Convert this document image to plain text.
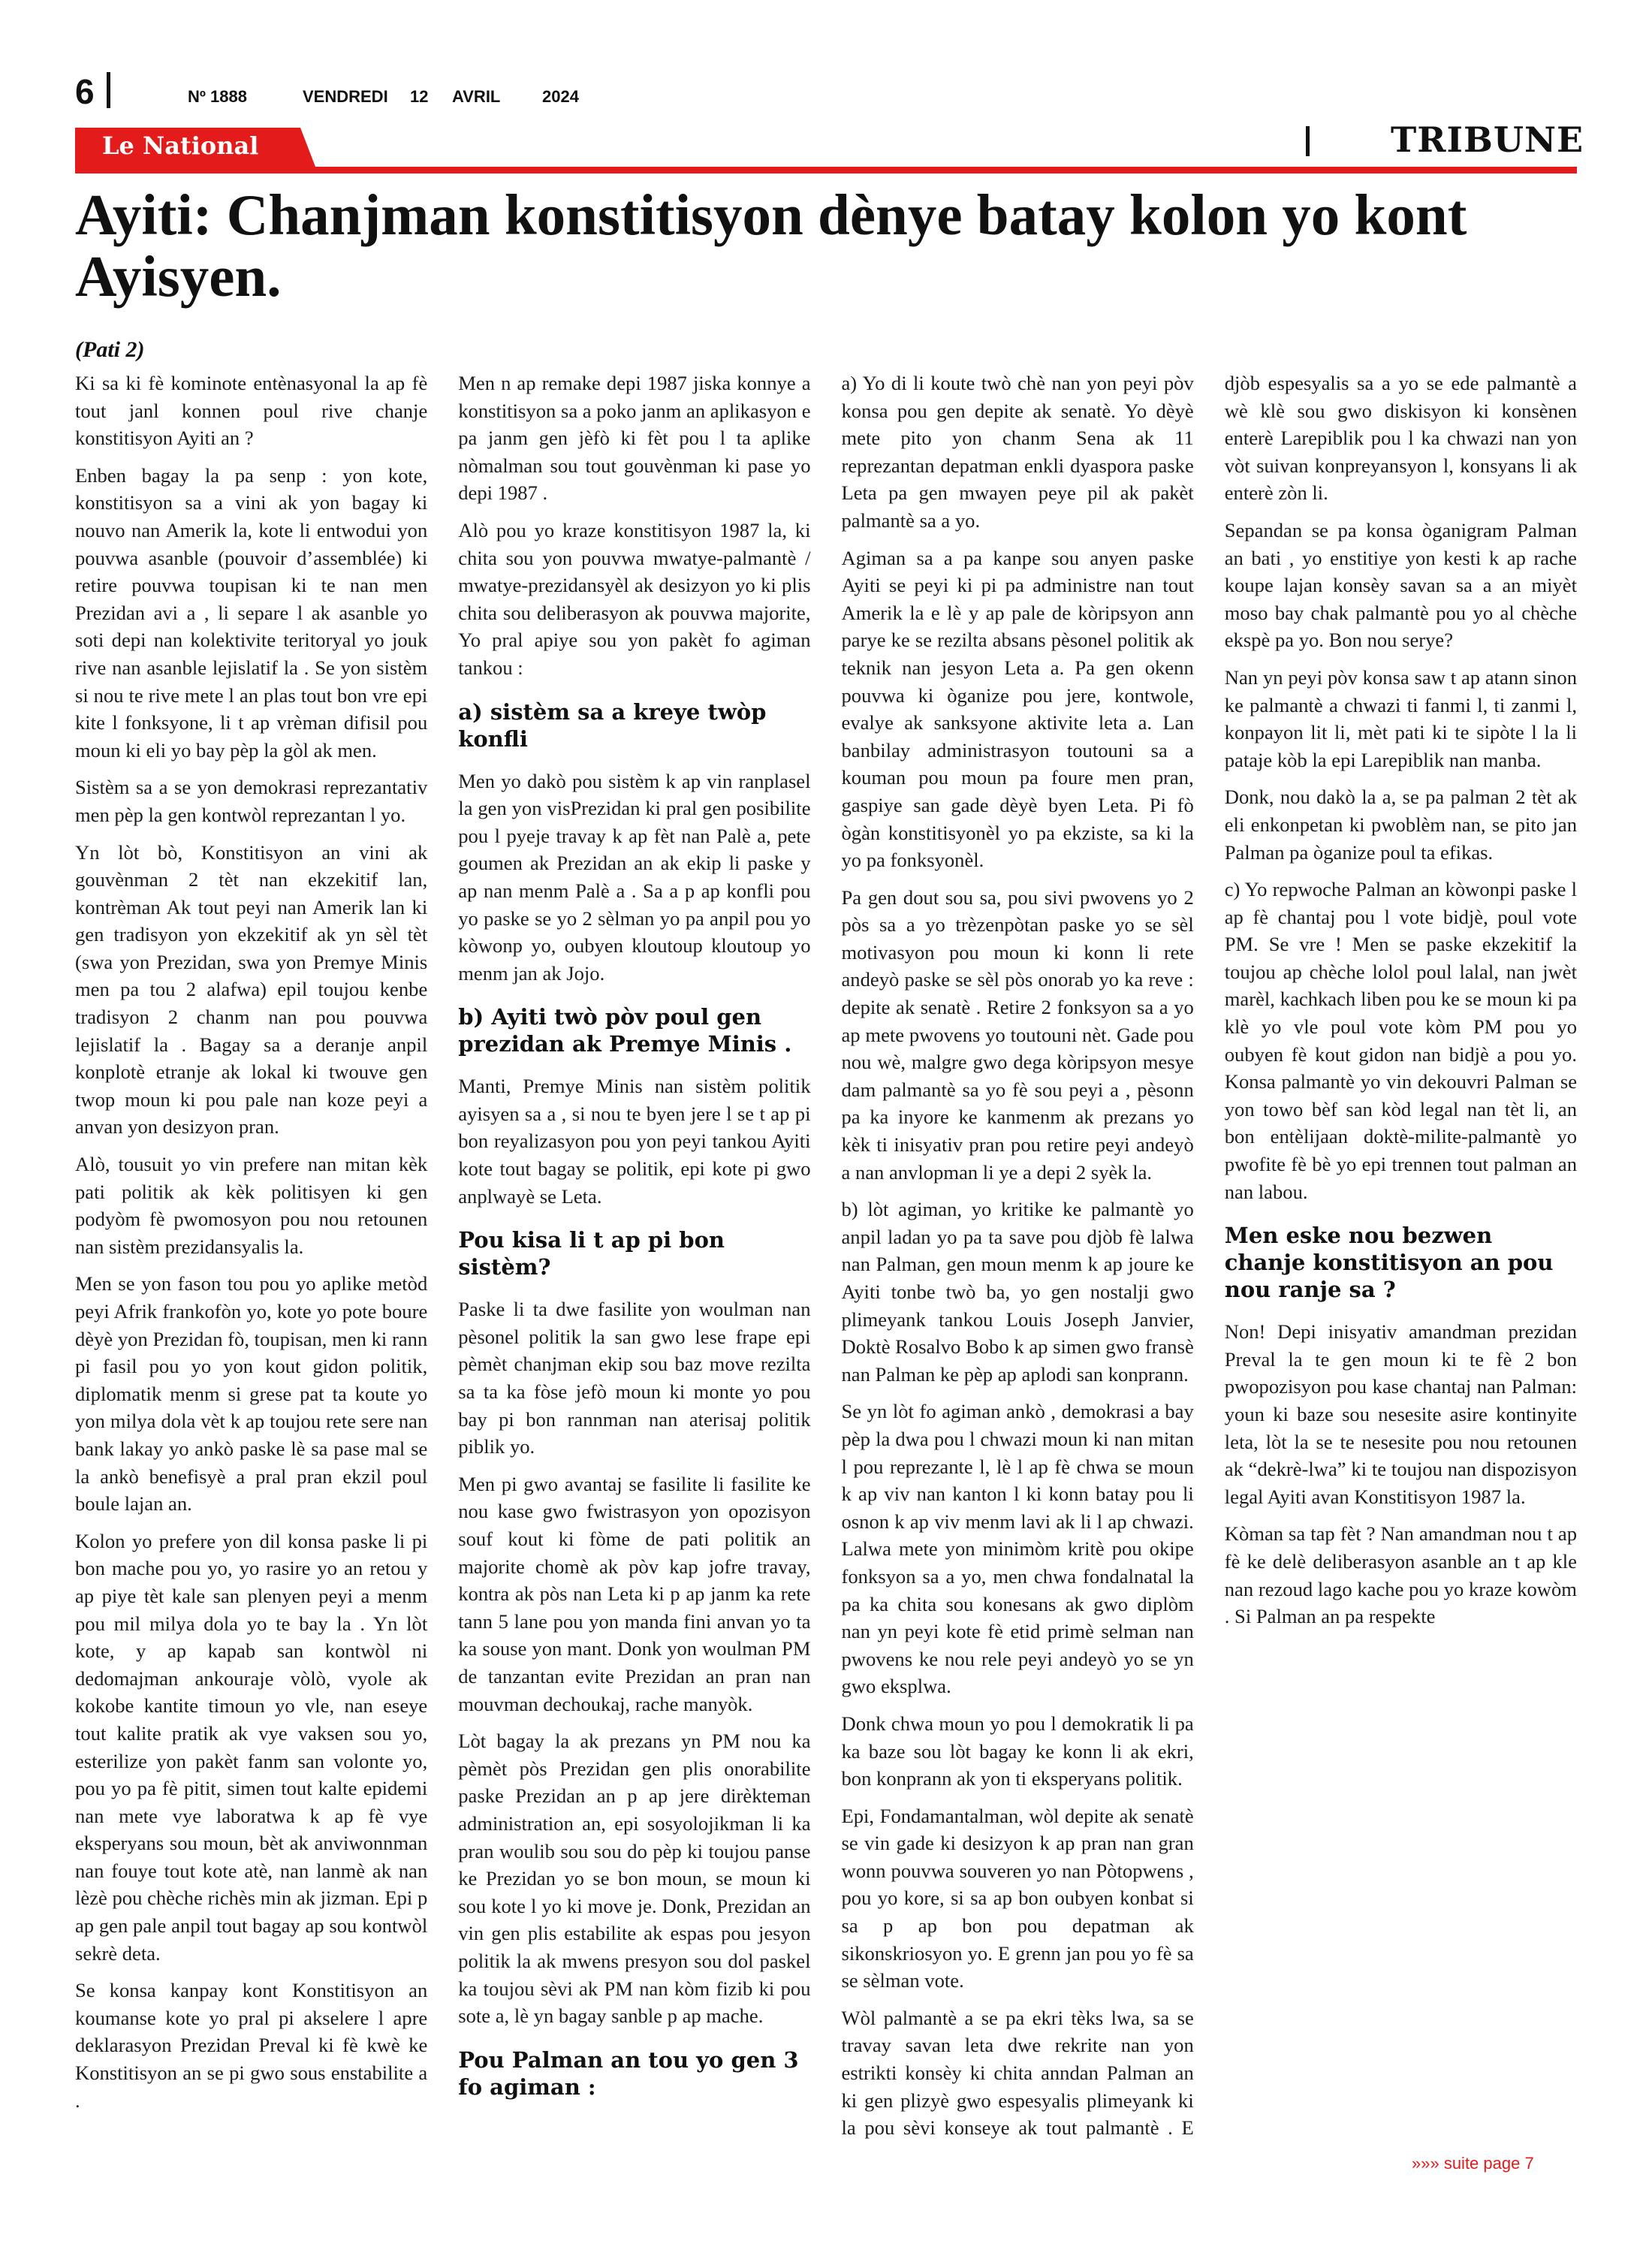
6	Nº 1888	VENDREDI 12 AVRIL	2024
Le National	TRIBUNE
Ayiti: Chanjman konstitisyon dènye batay kolon yo kont Ayisyen.
(Pati 2)

Ki sa ki fè kominote entènasyonal la ap fè tout janl konnen poul rive chanje konstitisyon Ayiti an ?

Enben bagay la pa senp : yon kote, konstitisyon sa a vini ak yon bagay ki nouvo nan Amerik la, kote li entwodui yon pouvwa asanble (pouvoir d’assemblée) ki retire pouvwa toupisan ki te nan men Prezidan avi a , li separe l ak asanble yo soti depi nan kolektivite teritoryal yo jouk rive nan asanble lejislatif la . Se yon sistèm si nou te rive mete l an plas tout bon vre epi kite l fonksyone, li t ap vrèman difisil pou moun ki eli yo bay pèp la gòl ak men.

Sistèm sa a se yon demokrasi reprezantativ men pèp la gen kontwòl reprezantan l yo.

Yn lòt bò, Konstitisyon an vini ak gouvènman 2 tèt nan ekzekitif lan, kontrèman Ak tout peyi nan Amerik lan ki gen tradisyon yon ekzekitif ak yn sèl tèt (swa yon Prezidan, swa yon Premye Minis men pa tou 2 alafwa) epil toujou kenbe tradisyon 2 chanm nan pou pouvwa lejislatif la . Bagay sa a deranje anpil konplotè etranje ak lokal ki twouve gen twop moun ki pou pale nan koze peyi a anvan yon desizyon pran.

Alò, tousuit yo vin prefere nan mitan kèk pati politik ak kèk politisyen ki gen podyòm fè pwomosyon pou nou retounen nan sistèm prezidansyalis la.

Men se yon fason tou pou yo aplike metòd peyi Afrik frankofòn yo, kote yo pote boure dèyè yon Prezidan fò, toupisan, men ki rann pi fasil pou yo yon kout gidon politik, diplomatik menm si grese pat ta koute yo yon milya dola vèt k ap toujou rete sere nan bank lakay yo ankò paske lè sa pase mal se la ankò benefisyè a pral pran ekzil poul boule lajan an.

Kolon yo prefere yon dil konsa paske li pi bon mache pou yo, yo rasire yo an retou y ap piye tèt kale san plenyen peyi a menm pou mil milya dola yo te bay la . Yn lòt kote, y ap kapab san kontwòl ni dedomajman ankouraje vòlò, vyole ak kokobe kantite timoun yo vle, nan eseye tout kalite pratik ak vye vaksen sou yo, esterilize yon pakèt fanm san volonte yo, pou yo pa fè pitit, simen tout kalte epidemi nan mete vye laboratwa k ap fè vye eksperyans sou moun, bèt ak anviwonnman nan fouye tout kote atè, nan lanmè ak nan lèzè pou chèche richès min ak jizman. Epi p ap gen pale anpil tout bagay ap sou kontwòl sekrè deta.

Se konsa kanpay kont Konstitisyon an koumanse kote yo pral pi akselere l apre deklarasyon Prezidan Preval ki fè kwè ke Konstitisyon an se pi gwo sous enstabilite a .

Men n ap remake depi 1987 jiska konnye a konstitisyon sa a poko janm an aplikasyon e pa janm gen jèfò ki fèt pou l ta aplike nòmalman sou tout gouvènman ki pase yo depi 1987 .

Alò pou yo kraze konstitisyon 1987 la, ki chita sou yon pouvwa mwatye-palmantè / mwatye-prezidansyèl ak desizyon yo ki plis chita sou deliberasyon ak pouvwa majorite, Yo pral apiye sou yon pakèt fo agiman tankou :

a) sistèm sa a kreye twòp konfli

Men yo dakò pou sistèm k ap vin ranplasel la gen yon visPrezidan ki pral gen posibilite pou l pyeje travay k ap fèt nan Palè a, pete goumen ak Prezidan an ak ekip li paske y ap nan menm Palè a . Sa a p ap konfli pou yo paske se yo 2 sèlman yo pa anpil pou yo kòwonp yo, oubyen kloutoup kloutoup yo menm jan ak Jojo.

b) Ayiti twò pòv poul gen prezidan ak Premye Minis .

Manti, Premye Minis nan sistèm politik ayisyen sa a , si nou te byen jere l se t ap pi bon reyalizasyon pou yon peyi tankou Ayiti kote tout bagay se politik, epi kote pi gwo anplwayè se Leta.

Pou kisa li t ap pi bon sistèm?

Paske li ta dwe fasilite yon woulman nan pèsonel politik la san gwo lese frape epi pèmèt chanjman ekip sou baz move rezilta sa ta ka fòse jefò moun ki monte yo pou bay pi bon rannman nan aterisaj politik piblik yo.

Men pi gwo avantaj se fasilite li fasilite ke nou kase gwo fwistrasyon yon opozisyon souf kout ki fòme de pati politik an majorite chomè ak pòv kap jofre travay, kontra ak pòs nan Leta ki p ap janm ka rete tann 5 lane pou yon manda fini anvan yo ta ka souse yon mant. Donk yon woulman PM de tanzantan evite Prezidan an pran nan mouvman dechoukaj, rache manyòk.

Lòt bagay la ak prezans yn PM nou ka pèmèt pòs Prezidan gen plis onorabilite paske Prezidan an p ap jere dirèkteman administration an, epi sosyolojikman li ka pran woulib sou sou do pèp ki toujou panse ke Prezidan yo se bon moun, se moun ki sou kote l yo ki move je. Donk, Prezidan an vin gen plis estabilite ak espas pou jesyon politik la ak mwens presyon sou dol paskel ka toujou sèvi ak PM nan kòm fizib ki pou sote a, lè yn bagay sanble p ap mache.

Pou Palman an tou yo gen 3 fo agiman :

a) Yo di li koute twò chè nan yon peyi pòv konsa pou gen depite ak senatè. Yo dèyè mete pito yon chanm Sena ak 11 reprezantan depatman enkli dyaspora paske Leta pa gen mwayen peye pil ak pakèt palmantè sa a yo.

Agiman sa a pa kanpe sou anyen paske Ayiti se peyi ki pi pa administre nan tout Amerik la e lè y ap pale de kòripsyon ann parye ke se rezilta absans pèsonel politik ak teknik nan jesyon Leta a. Pa gen okenn pouvwa ki òganize pou jere, kontwole, evalye ak sanksyone aktivite leta a. Lan banbilay administrasyon toutouni sa a kouman pou moun pa foure men pran, gaspiye san gade dèyè byen Leta. Pi fò ògàn konstitisyonèl yo pa ekziste, sa ki la yo pa fonksyonèl.

Pa gen dout sou sa, pou sivi pwovens yo 2 pòs sa a yo trèzenpòtan paske yo se sèl motivasyon pou moun ki konn li rete andeyò paske se sèl pòs onorab yo ka reve : depite ak senatè . Retire 2 fonksyon sa a yo ap mete pwovens yo toutouni nèt. Gade pou nou wè, malgre gwo dega kòripsyon mesye dam palmantè sa yo fè sou peyi a , pèsonn pa ka inyore ke kanmenm ak prezans yo kèk ti inisyativ pran pou retire peyi andeyò a nan anvlopman li ye a depi 2 syèk la.

b) lòt agiman, yo kritike ke palmantè yo anpil ladan yo pa ta save pou djòb fè lalwa nan Palman, gen moun menm k ap joure ke Ayiti tonbe twò ba, yo gen nostalji gwo plimeyank tankou Louis Joseph Janvier, Doktè Rosalvo Bobo k ap simen gwo fransè nan Palman ke pèp ap aplodi san konprann.

Se yn lòt fo agiman ankò , demokrasi a bay pèp la dwa pou l chwazi moun ki nan mitan l pou reprezante l, lè l ap fè chwa se moun k ap viv nan kanton l ki konn batay pou li osnon k ap viv menm lavi ak li l ap chwazi. Lalwa mete yon minimòm kritè pou okipe fonksyon sa a yo, men chwa fondalnatal la pa ka chita sou konesans ak gwo diplòm nan yn peyi kote fè etid primè selman nan pwovens ke nou rele peyi andeyò yo se yn gwo eksplwa.

Donk chwa moun yo pou l demokratik li pa ka baze sou lòt bagay ke konn li ak ekri, bon konprann ak yon ti eksperyans politik.

Epi, Fondamantalman, wòl depite ak senatè se vin gade ki desizyon k ap pran nan gran wonn pouvwa souveren yo nan Pòtopwens , pou yo kore, si sa ap bon oubyen konbat si sa p ap bon pou depatman ak sikonskriosyon yo. E grenn jan pou yo fè sa se sèlman vote.

Wòl palmantè a se pa ekri tèks lwa, sa se travay savan leta dwe rekrite nan yon estrikti konsèy ki chita anndan Palman an ki gen plizyè gwo espesyalis plimeyank ki la pou sèvi konseye ak tout palmantè . E djòb espesyalis sa a yo se ede palmantè a wè klè sou gwo diskisyon ki konsènen enterè Larepiblik pou l ka chwazi nan yon vòt suivan konpreyansyon l, konsyans li ak enterè zòn li.

Sepandan se pa konsa òganigram Palman an bati , yo enstitiye yon kesti k ap rache koupe lajan konsèy savan sa a an miyèt moso bay chak palmantè pou yo al chèche ekspè pa yo. Bon nou serye?

Nan yn peyi pòv konsa saw t ap atann sinon ke palmantè a chwazi ti fanmi l, ti zanmi l, konpayon lit li, mèt pati ki te sipòte l la li pataje kòb la epi Larepiblik nan manba.

Donk, nou dakò la a, se pa palman 2 tèt ak eli enkonpetan ki pwoblèm nan, se pito jan Palman pa òganize poul ta efikas.

c) Yo repwoche Palman an kòwonpi paske l ap fè chantaj pou l vote bidjè, poul vote PM. Se vre ! Men se paske ekzekitif la toujou ap chèche lolol poul lalal, nan jwèt marèl, kachkach liben pou ke se moun ki pa klè yo vle poul vote kòm PM pou yo oubyen fè kout gidon nan bidjè a pou yo. Konsa palmantè yo vin dekouvri Palman se yon towo bèf san kòd legal nan tèt li, an bon entèlijaan doktè-milite-palmantè yo pwofite fè bè yo epi trennen tout palman an nan labou.

Men eske nou bezwen chanje konstitisyon an pou nou ranje sa ?

Non! Depi inisyativ amandman prezidan Preval la te gen moun ki te fè 2 bon pwopozisyon pou kase chantaj nan Palman: youn ki baze sou nesesite asire kontinyite leta, lòt la se te nesesite pou nou retounen ak “dekrè-lwa” ki te toujou nan dispozisyon legal Ayiti avan Konstitisyon 1987 la.

Kòman sa tap fèt ? Nan amandman nou t ap fè ke delè deliberasyon asanble an t ap kle nan rezoud lago kache pou yo kraze kowòm . Si Palman an pa respekte

»»» suite page 7
